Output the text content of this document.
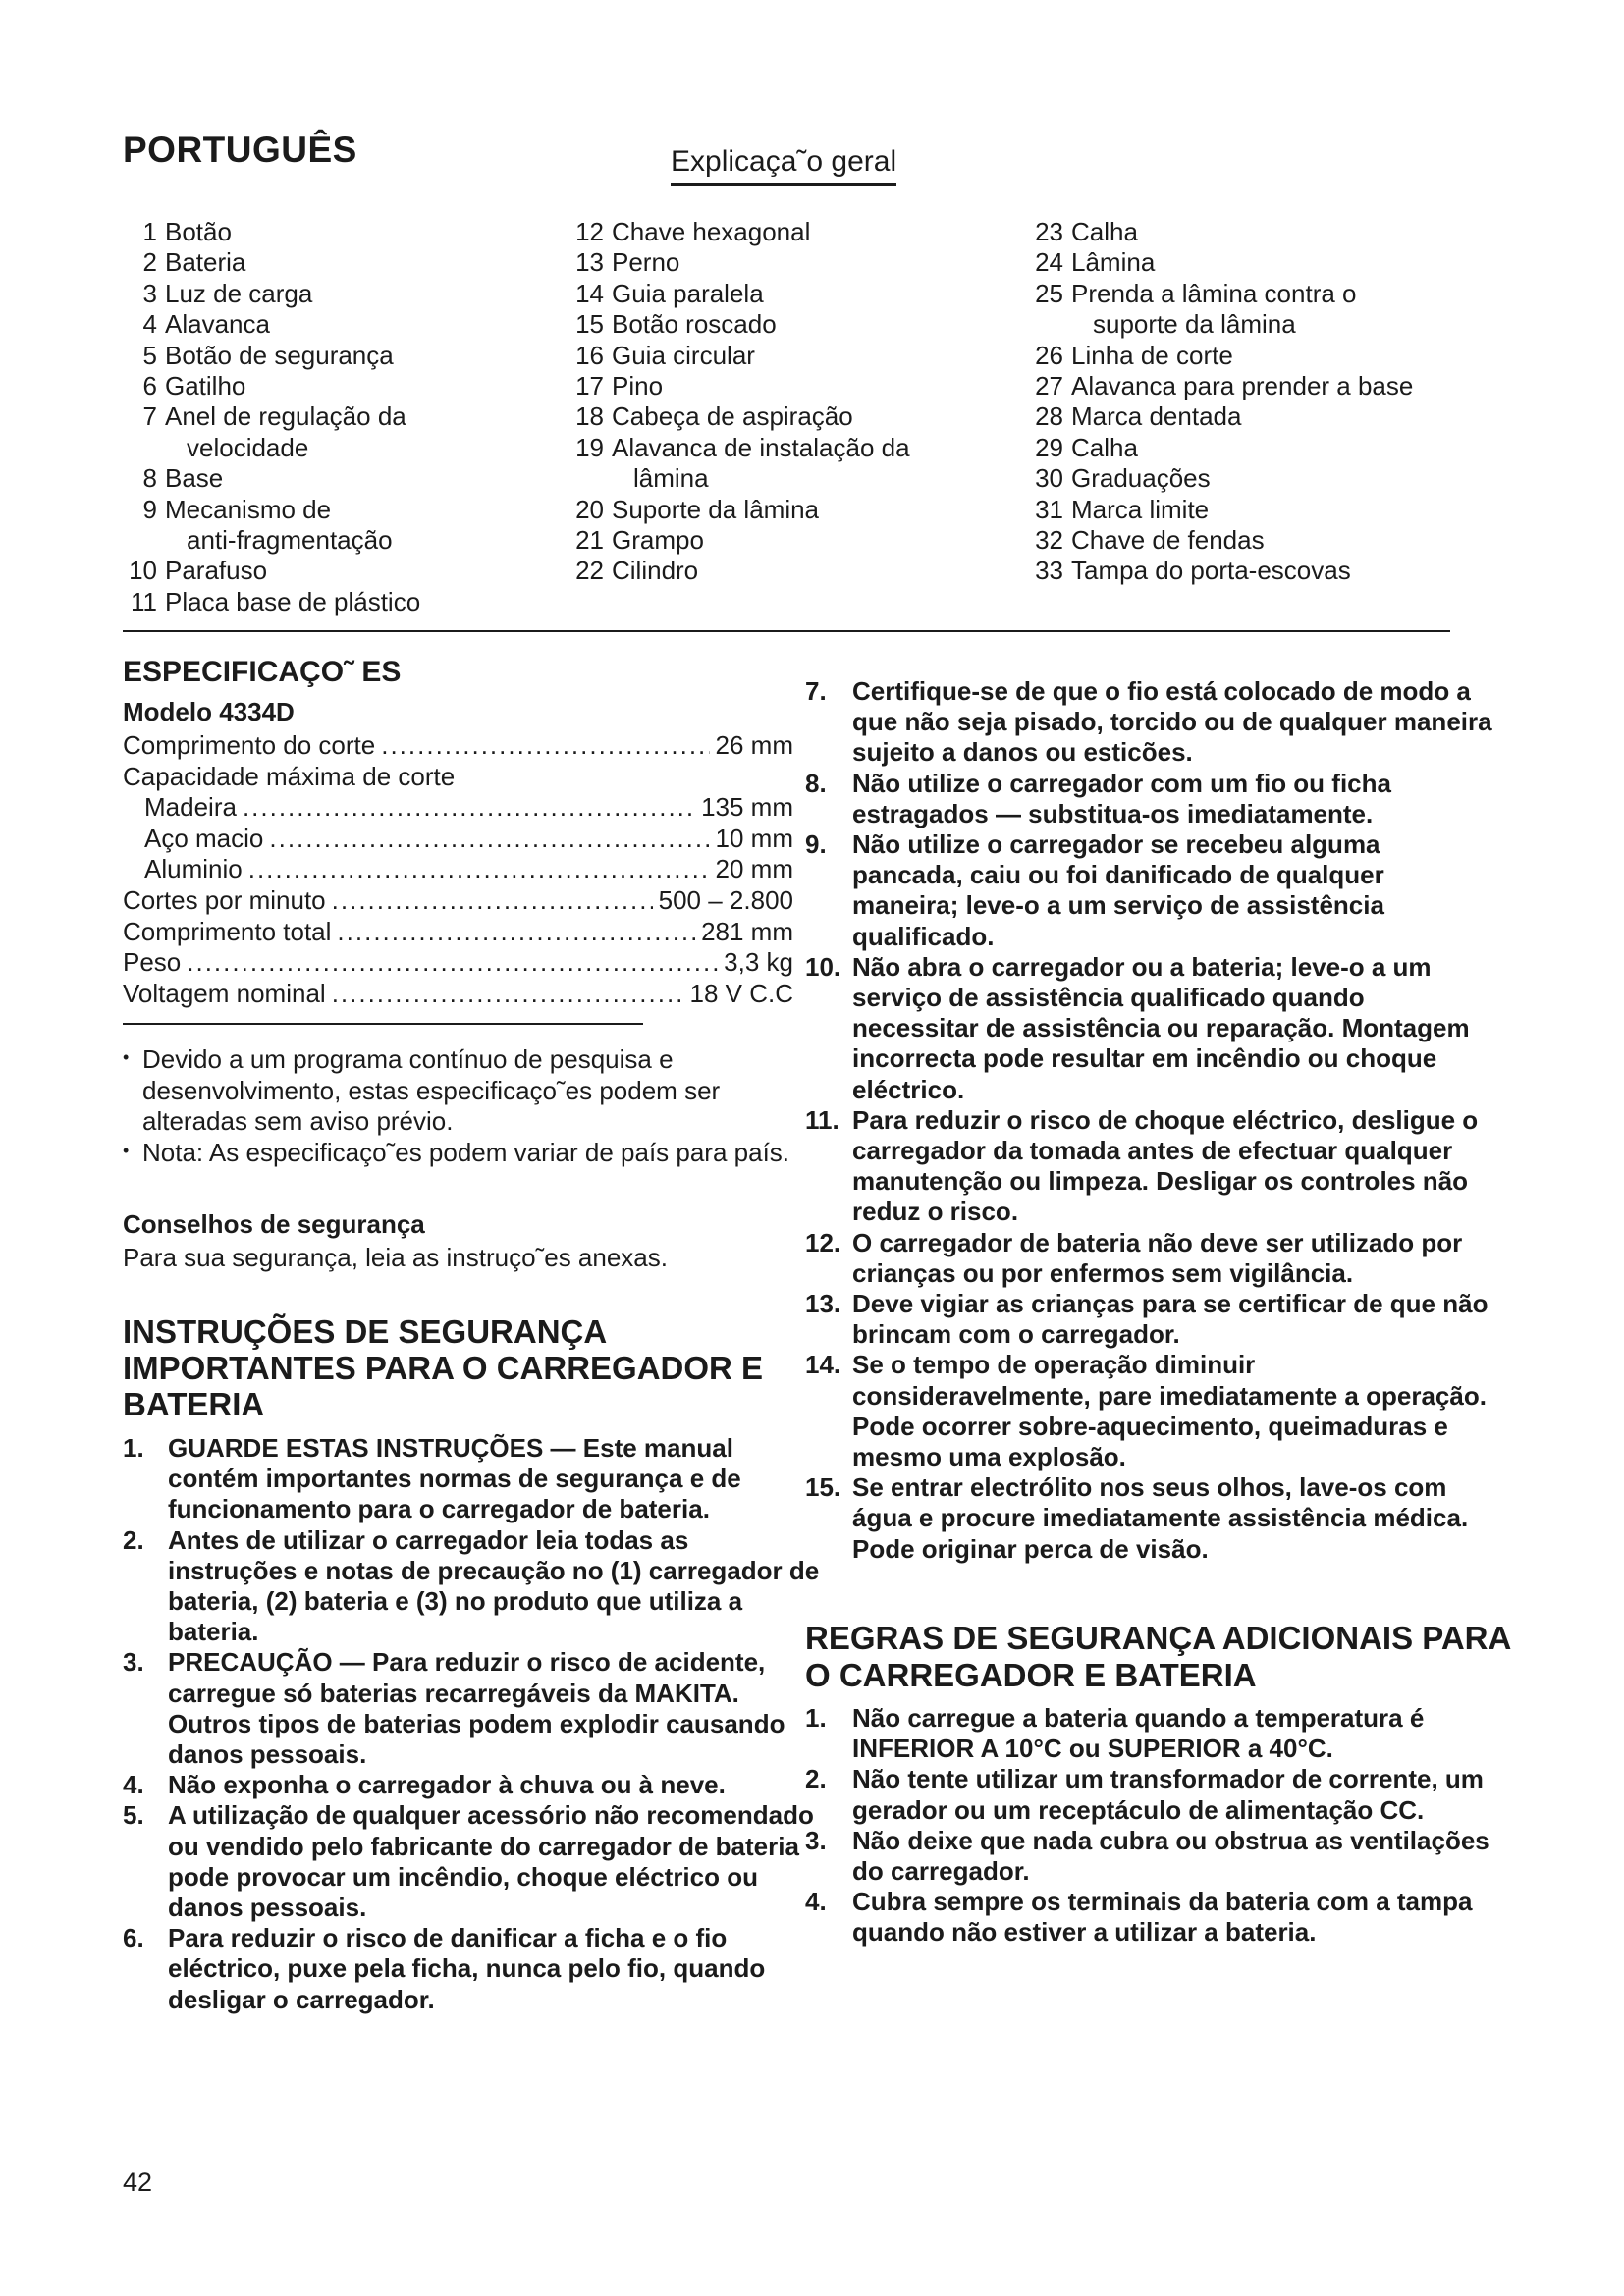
PORTUGUÊS	Explicaça˜o geral
1 Botão
2 Bateria
3 Luz de carga
4 Alavanca
5 Botão de segurança
6 Gatilho
7 Anel de regulação da
velocidade
8 Base
9 Mecanismo de
anti-fragmentação
10 Parafuso
11 Placa base de plástico
12 Chave hexagonal
13 Perno
14 Guia paralela
15 Botão roscado
16 Guia circular
17 Pino
18 Cabeça de aspiração
19 Alavanca de instalação da
lâmina
20 Suporte da lâmina
21 Grampo
22 Cilindro
23 Calha
24 Lâmina
25 Prenda a lâmina contra o
suporte da lâmina
26 Linha de corte
27 Alavanca para prender a base
28 Marca dentada
29 Calha
30 Graduações
31 Marca limite
32 Chave de fendas
33 Tampa do porta-escovas
ESPECIFICAÇO˜ ES
Modelo 4334D
Comprimento do corte .....	26 mm
Capacidade máxima de corte
Madeira .....	135 mm
Aço macio .....	10 mm
Aluminio .....	20 mm
Cortes por minuto .....	500 – 2.800
Comprimento total .....	281 mm
Peso .....	3,3 kg
Voltagem nominal .....	18 V C.C
• Devido a um programa contínuo de pesquisa e desenvolvimento, estas especificaço˜es podem ser alteradas sem aviso prévio.
• Nota: As especificaço˜es podem variar de país para país.
Conselhos de segurança
Para sua segurança, leia as instruço˜es anexas.
INSTRUÇÕES DE SEGURANÇA IMPORTANTES PARA O CARREGADOR E BATERIA
1. GUARDE ESTAS INSTRUÇÕES — Este manual contém importantes normas de segurança e de funcionamento para o carregador de bateria.
2. Antes de utilizar o carregador leia todas as instruções e notas de precaução no (1) carregador de bateria, (2) bateria e (3) no produto que utiliza a bateria.
3. PRECAUÇÃO — Para reduzir o risco de acidente, carregue só baterias recarregáveis da MAKITA. Outros tipos de baterias podem explodir causando danos pessoais.
4. Não exponha o carregador à chuva ou à neve.
5. A utilização de qualquer acessório não recomendado ou vendido pelo fabricante do carregador de bateria pode provocar um incêndio, choque eléctrico ou danos pessoais.
6. Para reduzir o risco de danificar a ficha e o fio eléctrico, puxe pela ficha, nunca pelo fio, quando desligar o carregador.
7. Certifique-se de que o fio está colocado de modo a que não seja pisado, torcido ou de qualquer maneira sujeito a danos ou esticões.
8. Não utilize o carregador com um fio ou ficha estragados — substitua-os imediatamente.
9. Não utilize o carregador se recebeu alguma pancada, caiu ou foi danificado de qualquer maneira; leve-o a um serviço de assistência qualificado.
10. Não abra o carregador ou a bateria; leve-o a um serviço de assistência qualificado quando necessitar de assistência ou reparação. Montagem incorrecta pode resultar em incêndio ou choque eléctrico.
11. Para reduzir o risco de choque eléctrico, desligue o carregador da tomada antes de efectuar qualquer manutenção ou limpeza. Desligar os controles não reduz o risco.
12. O carregador de bateria não deve ser utilizado por crianças ou por enfermos sem vigilância.
13. Deve vigiar as crianças para se certificar de que não brincam com o carregador.
14. Se o tempo de operação diminuir consideravelmente, pare imediatamente a operação. Pode ocorrer sobre-aquecimento, queimaduras e mesmo uma explosão.
15. Se entrar electrólito nos seus olhos, lave-os com água e procure imediatamente assistência médica. Pode originar perca de visão.
REGRAS DE SEGURANÇA ADICIONAIS PARA O CARREGADOR E BATERIA
1. Não carregue a bateria quando a temperatura é INFERIOR A 10°C ou SUPERIOR a 40°C.
2. Não tente utilizar um transformador de corrente, um gerador ou um receptáculo de alimentação CC.
3. Não deixe que nada cubra ou obstrua as ventilações do carregador.
4. Cubra sempre os terminais da bateria com a tampa quando não estiver a utilizar a bateria.
42
